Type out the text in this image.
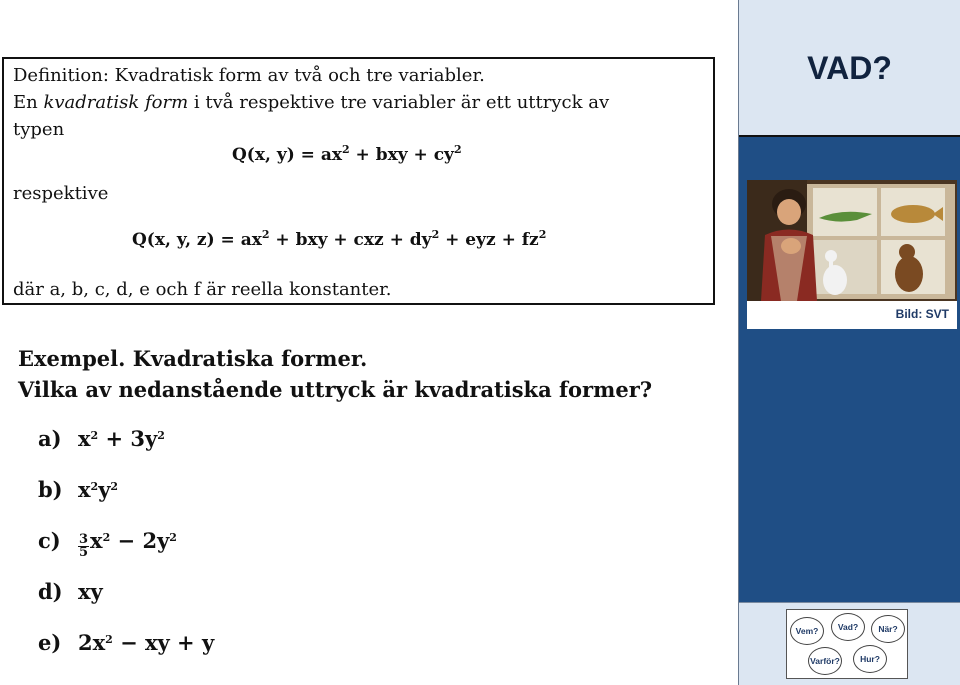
Definition: Kvadratisk form av två och tre variabler.
En kvadratisk form i två respektive tre variabler är ett uttryck av
typen
Q(x, $y) = ax^2$ + bxy + $cy^2$
respektive
Q(x, y, $z) = ax^2$ + bxy + cxz + $dy^2$ + eyz + $fz^2$
där a, b, c, d, e och f är reella konstanter.
Exempel. Kvadratiska former.
Vilka av nedanstående uttryck är kvadratiska former?
a) $x^2 + 3y^2$
b) $x^2y^2$
$c) \frac{3}{5} x^2 - 2y^2$
d) xy
e) $2x^2$ − xy + y
VAD?
Bild: SVT
Vem?	Vad?	När?
Varför?	Hur?
